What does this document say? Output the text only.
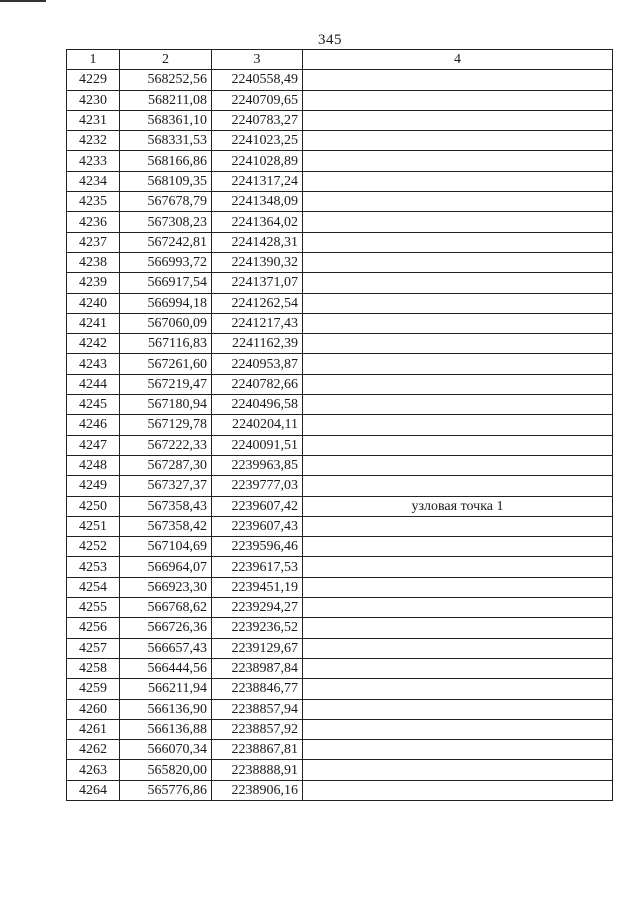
345
1	2	3	4
4229	568252,56	2240558,49	
4230	568211,08	2240709,65	
4231	568361,10	2240783,27	
4232	568331,53	2241023,25	
4233	568166,86	2241028,89	
4234	568109,35	2241317,24	
4235	567678,79	2241348,09	
4236	567308,23	2241364,02	
4237	567242,81	2241428,31	
4238	566993,72	2241390,32	
4239	566917,54	2241371,07	
4240	566994,18	2241262,54	
4241	567060,09	2241217,43	
4242	567116,83	2241162,39	
4243	567261,60	2240953,87	
4244	567219,47	2240782,66	
4245	567180,94	2240496,58	
4246	567129,78	2240204,11	
4247	567222,33	2240091,51	
4248	567287,30	2239963,85	
4249	567327,37	2239777,03	
4250	567358,43	2239607,42	узловая точка 1
4251	567358,42	2239607,43	
4252	567104,69	2239596,46	
4253	566964,07	2239617,53	
4254	566923,30	2239451,19	
4255	566768,62	2239294,27	
4256	566726,36	2239236,52	
4257	566657,43	2239129,67	
4258	566444,56	2238987,84	
4259	566211,94	2238846,77	
4260	566136,90	2238857,94	
4261	566136,88	2238857,92	
4262	566070,34	2238867,81	
4263	565820,00	2238888,91	
4264	565776,86	2238906,16	
